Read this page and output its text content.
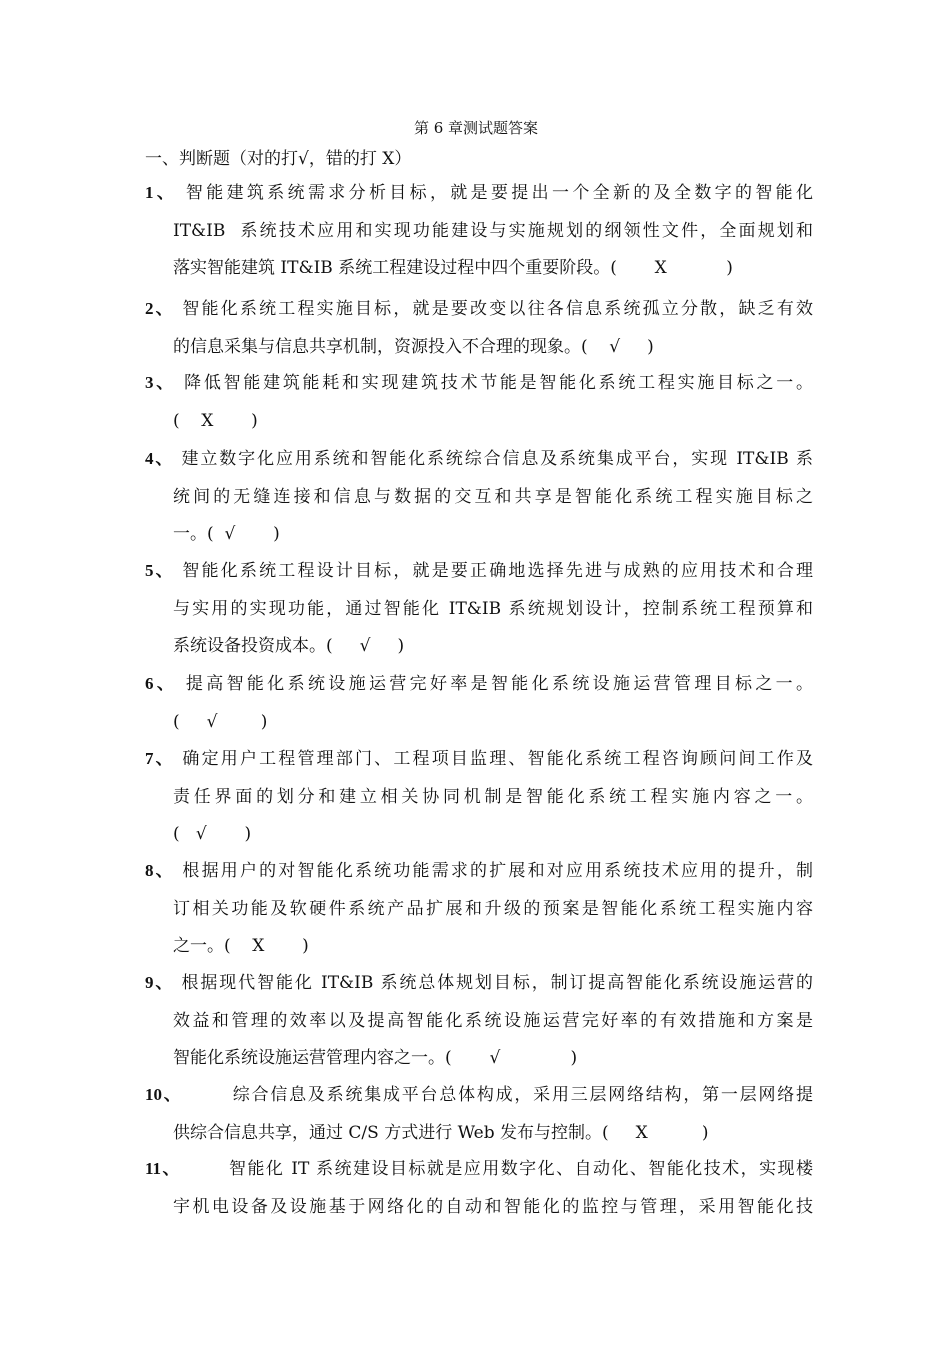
第 6 章测试题答案
一、判断题（对的打√，错的打 X）
1、 智能建筑系统需求分析目标，就是要提出一个全新的及全数字的智能化
IT&IB  系统技术应用和实现功能建设与实施规划的纲领性文件，全面规划和
落实智能建筑 IT&IB 系统工程建设过程中四个重要阶段。(       X           )
2、 智能化系统工程实施目标，就是要改变以往各信息系统孤立分散，缺乏有效
的信息采集与信息共享机制，资源投入不合理的现象。(    √     )
3、 降低智能建筑能耗和实现建筑技术节能是智能化系统工程实施目标之一。
(    X       )
4、 建立数字化应用系统和智能化系统综合信息及系统集成平台，实现 IT&IB 系
统间的无缝连接和信息与数据的交互和共享是智能化系统工程实施目标之
一。(  √       )
5、 智能化系统工程设计目标，就是要正确地选择先进与成熟的应用技术和合理
与实用的实现功能，通过智能化 IT&IB 系统规划设计，控制系统工程预算和
系统设备投资成本。(     √     )
6、 提高智能化系统设施运营完好率是智能化系统设施运营管理目标之一。
(     √        )
7、 确定用户工程管理部门、工程项目监理、智能化系统工程咨询顾问间工作及
责任界面的划分和建立相关协同机制是智能化系统工程实施内容之一。
(   √       )
8、 根据用户的对智能化系统功能需求的扩展和对应用系统技术应用的提升，制
订相关功能及软硬件系统产品扩展和升级的预案是智能化系统工程实施内容
之一。(    X       )
9、 根据现代智能化 IT&IB 系统总体规划目标，制订提高智能化系统设施运营的
效益和管理的效率以及提高智能化系统设施运营完好率的有效措施和方案是
智能化系统设施运营管理内容之一。(       √             )
10、       综合信息及系统集成平台总体构成，采用三层网络结构，第一层网络提
供综合信息共享，通过 C/S 方式进行 Web 发布与控制。(     X          )
11、       智能化 IT 系统建设目标就是应用数字化、自动化、智能化技术，实现楼
宇机电设备及设施基于网络化的自动和智能化的监控与管理，采用智能化技
